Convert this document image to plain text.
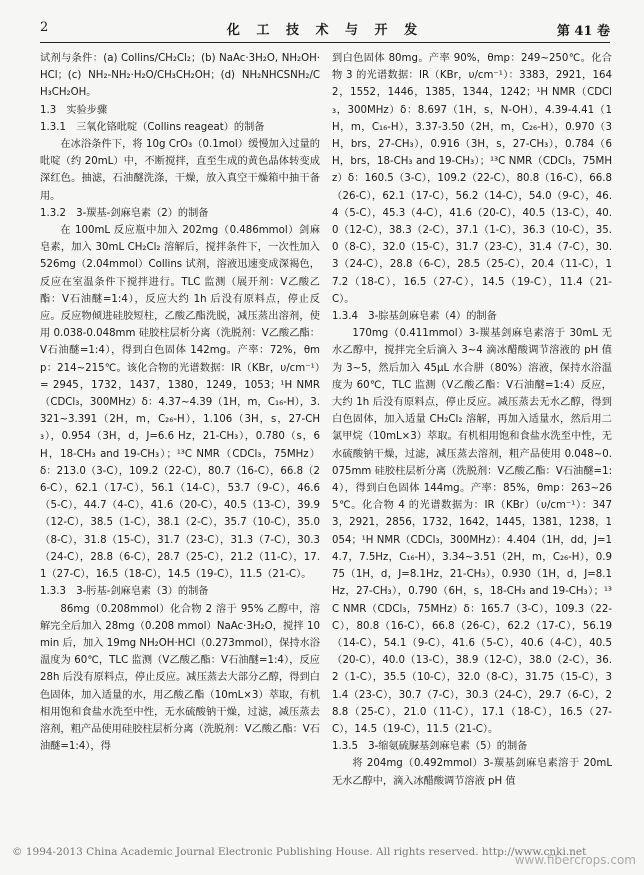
2	化 工 技 术 与 开 发	第 41 卷

试剂与条件：(a) Collins/CH₂Cl₂；(b) NaAc·3H₂O, NH₂OH·HCl；(c) NH₂-NH₂·H₂O/CH₃CH₂OH；(d) NH₂NHCSNH₂/CH₃CH₂OH。

1.3　实验步骤

1.3.1　三氧化铬吡啶（Collins reageat）的制备

在冰浴条件下，将 10g CrO₃（0.1mol）缓慢加入过量的吡啶（约 20mL）中，不断搅拌，直至生成的黄色晶体转变成深红色。抽滤，石油醚洗涤，干燥，放入真空干燥箱中抽干备用。

1.3.2　3-羰基-剑麻皂素（2）的制备

在 100mL 反应瓶中加入 202mg（0.486mmol）剑麻皂素，加入 30mL CH₂Cl₂ 溶解后，搅拌条件下，一次性加入 526mg（2.04mmol）Collins 试剂，溶液迅速变成深褐色，反应在室温条件下搅拌进行。TLC 监测（展开剂：V乙酸乙酯：V石油醚=1:4），反应大约 1h 后没有原料点，停止反应。反应物倾进硅胶短柱，乙酸乙酯洗脱，减压蒸出溶剂，使用 0.038-0.048mm 硅胶柱层析分离（洗脱剂：V乙酸乙酯：V石油醚=1:4），得到白色固体 142mg。产率：72%，θmp：214~215℃。该化合物的光谱数据：IR（KBr，υ/cm⁻¹）= 2945，1732，1437，1380，1249，1053；¹H NMR（CDCl₃，300MHz）δ：4.37~4.39（1H，m，C₁₆-H），3.321~3.391（2H，m，C₂₆-H），1.106（3H，s，27-CH₃），0.954（3H，d，J=6.6 Hz，21-CH₃），0.780（s，6H，18-CH₃ and 19-CH₃）；¹³C NMR（CDCl₃，75MHz）δ：213.0（3-C），109.2（22-C），80.7（16-C），66.8（26-C），62.1（17-C），56.1（14-C），53.7（9-C），46.6（5-C），44.7（4-C），41.6（20-C），40.5（13-C），39.9（12-C），38.5（1-C），38.1（2-C），35.7（10-C），35.0（8-C），31.8（15-C），31.7（23-C），31.3（7-C），30.3（24-C），28.8（6-C），28.7（25-C），21.2（11-C），17.1（27-C），16.5（18-C），14.5（19-C），11.5（21-C）。

1.3.3　3-肟基-剑麻皂素（3）的制备

86mg（0.208mmol）化合物 2 溶于 95% 乙醇中，溶解完全后加入 28mg（0.208 mmol）NaAc·3H₂O，搅拌 10min 后，加入 19mg NH₂OH·HCl（0.273mmol），保持水浴温度为 60℃，TLC 监测（V乙酸乙酯：V石油醚=1:4），反应 28h 后没有原料点，停止反应。减压蒸去大部分乙醇，得到白色固体，加入适量的水，用乙酸乙酯（10mL×3）萃取，有机相用饱和食盐水洗至中性，无水硫酸钠干燥，过滤，减压蒸去溶剂，粗产品使用硅胶柱层析分离（洗脱剂：V乙酸乙酯：V石油醚=1:4），得

到白色固体 80mg。产率 90%，θmp：249~250℃。化合物 3 的光谱数据：IR（KBr，υ/cm⁻¹）：3383，2921，1642，1552，1446，1385，1344，1242；¹H NMR（CDCl₃，300MHz）δ：8.697（1H，s，N-OH），4.39-4.41（1H，m，C₁₆-H），3.37-3.50（2H，m，C₂₆-H），0.970（3H，brs，27-CH₃），0.916（3H，s，27-CH₃），0.784（6H，brs，18-CH₃ and 19-CH₃）；¹³C NMR（CDCl₃，75MHz）δ：160.5（3-C），109.2（22-C），80.8（16-C），66.8（26-C），62.1（17-C），56.2（14-C），54.0（9-C），46.4（5-C），45.3（4-C），41.6（20-C），40.5（13-C），40.0（12-C），38.3（2-C），37.1（1-C），36.3（10-C），35.0（8-C），32.0（15-C），31.7（23-C），31.4（7-C），30.3（24-C），28.8（6-C），28.5（25-C），20.4（11-C），17.2（18-C），16.5（27-C），14.5（19-C），11.4（21-C）。

1.3.4　3-腙基剑麻皂素（4）的制备

170mg（0.411mmol）3-羰基剑麻皂素溶于 30mL 无水乙醇中，搅拌完全后滴入 3~4 滴冰醋酸调节溶液的 pH 值为 3~5，然后加入 45μL 水合肼（80%）溶液，保持水浴温度为 60℃，TLC 监测（V乙酸乙酯：V石油醚=1:4）反应，大约 1h 后没有原料点，停止反应。减压蒸去无水乙醇，得到白色固体，加入适量 CH₂Cl₂ 溶解，再加入适量水，然后用二氯甲烷（10mL×3）萃取。有机相用饱和食盐水洗至中性，无水硫酸钠干燥，过滤，减压蒸去溶剂，粗产品使用 0.048~0.075mm 硅胶柱层析分离（洗脱剂：V乙酸乙酯：V石油醚=1:4），得到白色固体 144mg。产率：85%，θmp：263~265℃。化合物 4 的光谱数据为：IR（KBr）（υ/cm⁻¹）：3473，2921，2856，1732，1642，1445，1381，1238，1054；¹H NMR（CDCl₃，300MHz）：4.404（1H，dd，J=14.7，7.5Hz，C₁₆-H），3.34~3.51（2H，m，C₂₆-H），0.975（1H，d，J=8.1Hz，21-CH₃），0.930（1H，d，J=8.1Hz，27-CH₃），0.790（6H，s，18-CH₃ and 19-CH₃）；¹³C NMR（CDCl₃，75MHz）δ：165.7（3-C），109.3（22-C），80.8（16-C），66.8（26-C），62.2（17-C），56.19（14-C），54.1（9-C），41.6（5-C），40.6（4-C），40.5（20-C），40.0（13-C），38.9（12-C），38.0（2-C），36.2（1-C），35.5（10-C），32.0（8-C），31.75（15-C），31.4（23-C），30.7（7-C），30.3（24-C），29.7（6-C），28.8（25-C），21.0（11-C），17.1（18-C），16.5（27-C），14.5（19-C），11.5（21-C）。

1.3.5　3-缩氨硫脲基剑麻皂素（5）的制备

将 204mg（0.492mmol）3-羰基剑麻皂素溶于 20mL 无水乙醇中，滴入冰醋酸调节溶液 pH 值

© 1994-2013 China Academic Journal Electronic Publishing House. All rights reserved. http://www.cnki.net
www.fibercrops.com
